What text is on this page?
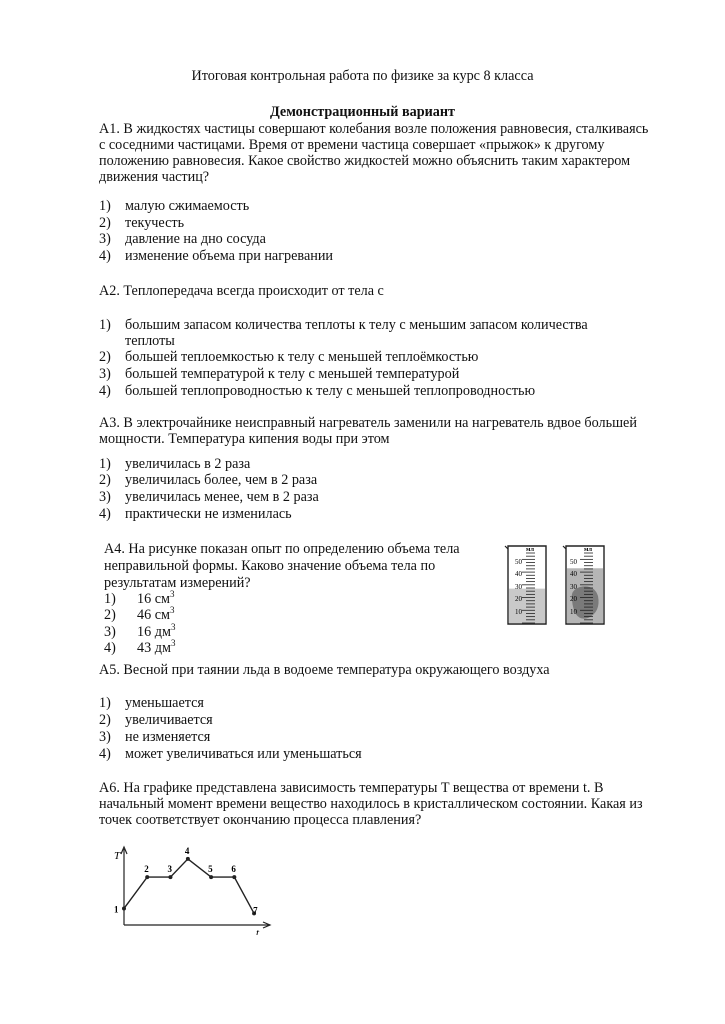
Итоговая контрольная работа по физике за курс 8 класса
Демонстрационный вариант
А1. В жидкостях частицы совершают колебания возле положения равновесия, сталкиваясь
с соседними частицами. Время от времени частица совершает «прыжок» к другому
положению равновесия. Какое свойство жидкостей можно объяснить таким характером
движения частиц?
1) малую сжимаемость
2) текучесть
3) давление на дно сосуда
4) изменение объема при нагревании
А2. Теплопередача всегда происходит от тела с
1) большим запасом количества теплоты к телу с меньшим запасом количества
теплоты
2) большей теплоемкостью к телу с меньшей теплоёмкостью
3) большей температурой к телу с меньшей температурой
4) большей теплопроводностью к телу с меньшей теплопроводностью
А3. В электрочайнике неисправный нагреватель заменили на нагреватель вдвое большей
мощности. Температура кипения воды при этом
1) увеличилась в 2 раза
2) увеличилась более, чем в 2 раза
3) увеличилась менее, чем в 2 раза
4) практически не изменилась
А4. На рисунке показан опыт по определению объема тела
неправильной формы. Каково значение объема тела по
результатам измерений?
1) 16 $см^3$
2) 46 $см^3$
3) 16 $дм^3$
4) 43 $дм^3$
мл
50
40
30
20
10
мл
50
40
30
20
10
А5. Весной при таянии льда в водоеме температура окружающего воздуха
1) уменьшается
2) увеличивается
3) не изменяется
4) может увеличиваться или уменьшаться
А6. На графике представлена зависимость температуры T вещества от времени t. В
начальный момент времени вещество находилось в кристаллическом состоянии. Какая из
точек соответствует окончанию процесса плавления?
T
t
1
2 3
4
5 6
7
